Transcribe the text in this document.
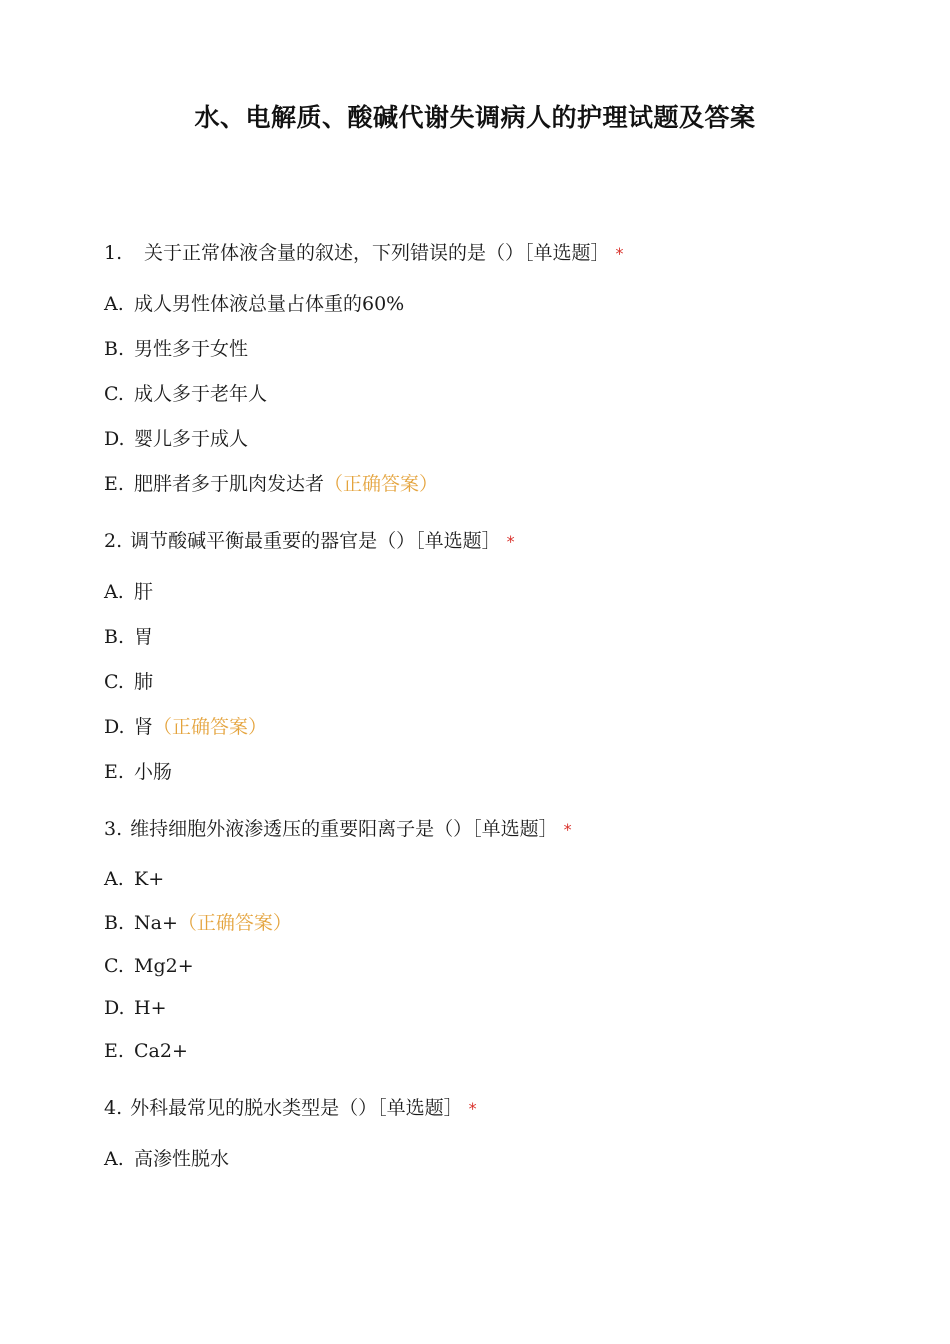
水、电解质、酸碱代谢失调病人的护理试题及答案
1. 关于正常体液含量的叙述，下列错误的是（）［单选题］ *
A. 成人男性体液总量占体重的60%
B. 男性多于女性
C. 成人多于老年人
D. 婴儿多于成人
E. 肥胖者多于肌肉发达者（正确答案）
2. 调节酸碱平衡最重要的器官是（）［单选题］ *
A. 肝
B. 胃
C. 肺
D. 肾（正确答案）
E. 小肠
3. 维持细胞外液渗透压的重要阳离子是（）［单选题］ *
A. K+
B. Na+（正确答案）
C. Mg2+
D. H+
E. Ca2+
4. 外科最常见的脱水类型是（）［单选题］ *
A. 高渗性脱水
